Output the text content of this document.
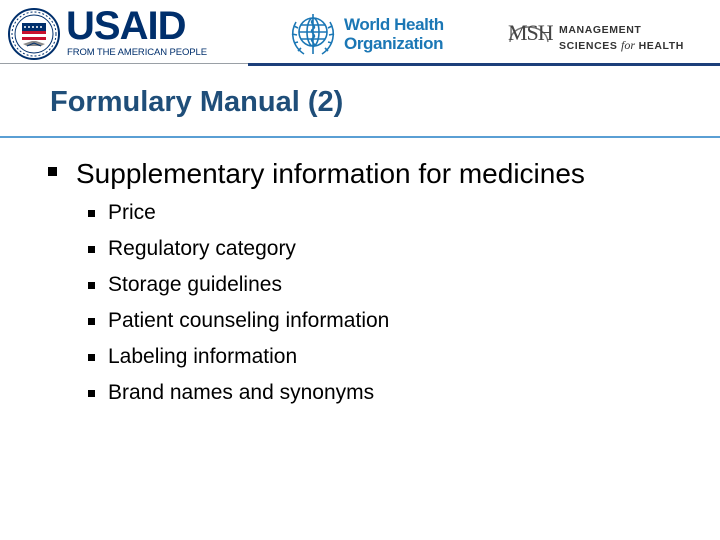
USAID
FROM THE AMERICAN PEOPLE
World Health
Organization	MSH MANAGEMENT
SCIENCES for HEALTH
Formulary Manual (2)
Supplementary information for medicines
Price
Regulatory category
Storage guidelines
Patient counseling information
Labeling information
Brand names and synonyms
